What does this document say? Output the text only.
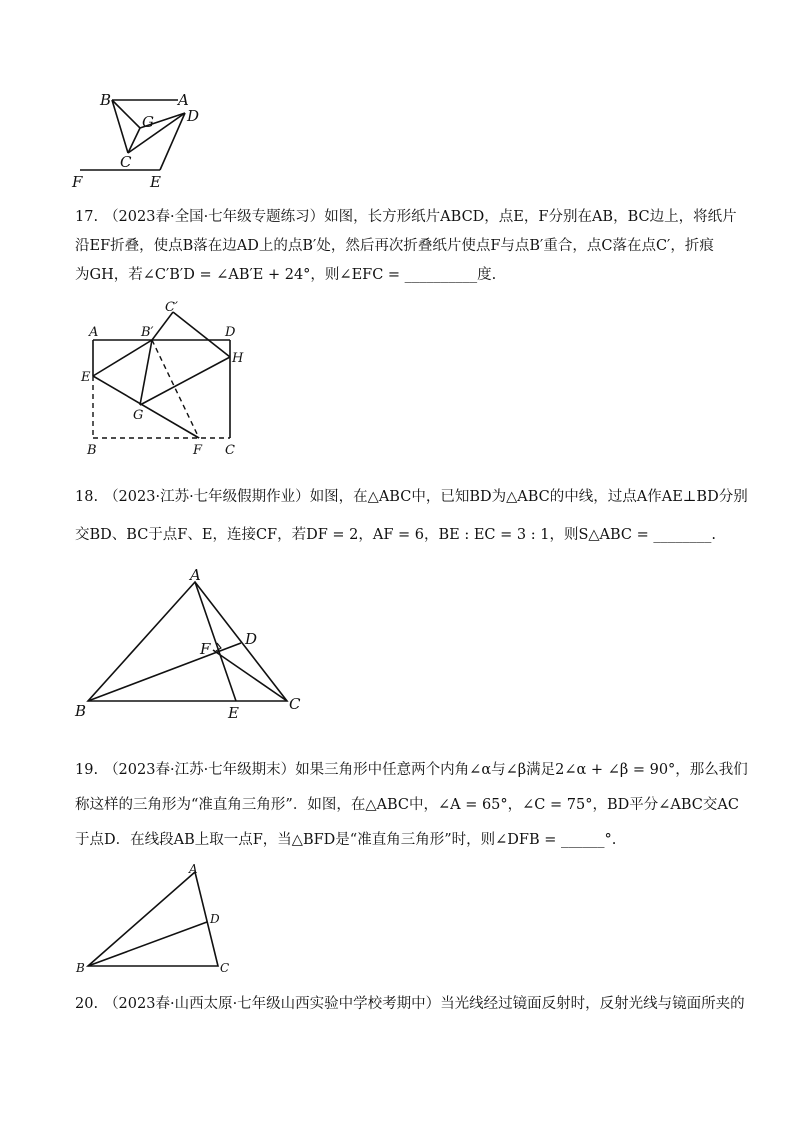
B	A
G D
C
F	E

17. （2023春·全国·七年级专题练习）如图，长方形纸片ABCD，点E，F分别在AB，BC边上，将纸片

沿EF折叠，使点B落在边AD上的点B′处，然后再次折叠纸片使点F与点B′重合，点C落在点C′，折痕

为GH，若∠C′B′D = ∠AB′E + 24°，则∠EFC = __________度.

A	B′
C′
D
H
E
G
B	F C

18. （2023·江苏·七年级假期作业）如图，在△ABC中，已知BD为△ABC的中线，过点A作AE⊥BD分别

交BD、BC于点F、E，连接CF，若DF = 2，AF = 6，BE : EC = 3 : 1，则S△ABC = ________.

A
D
F
B	E	C

19. （2023春·江苏·七年级期末）如果三角形中任意两个内角∠α与∠β满足2∠α + ∠β = 90°，那么我们

称这样的三角形为“准直角三角形”．如图，在△ABC中，∠A = 65°，∠C = 75°，BD平分∠ABC交AC

于点D．在线段AB上取一点F，当△BFD是“准直角三角形”时，则∠DFB = ______°.

A
D
B	C

20. （2023春·山西太原·七年级山西实验中学校考期中）当光线经过镜面反射时，反射光线与镜面所夹的
